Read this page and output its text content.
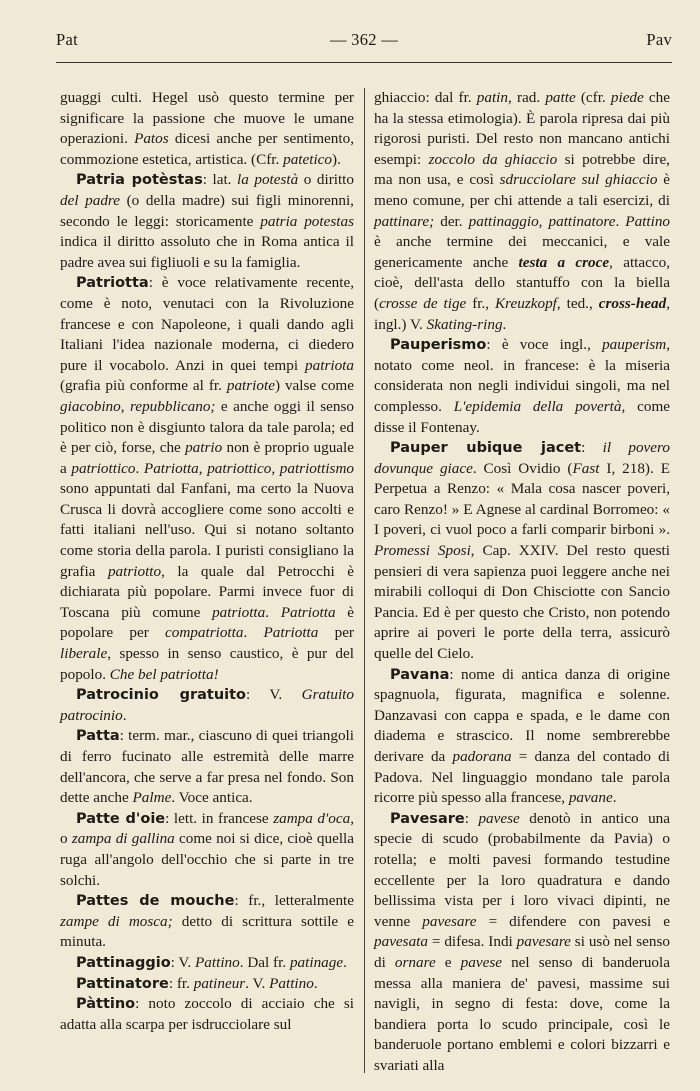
Pat	— 362 —	Pav

guaggi culti. Hegel usò questo termine per significare la passione che muove le umane operazioni. Patos dicesi anche per sentimento, commozione estetica, artistica. (Cfr. patetico).

Patria potèstas: lat. la potestà o diritto del padre (o della madre) sui figli minorenni, secondo le leggi: storicamente patria potestas indica il diritto assoluto che in Roma antica il padre avea sui figliuoli e su la famiglia.

Patriotta: è voce relativamente recente, come è noto, venutaci con la Rivoluzione francese e con Napoleone, i quali dando agli Italiani l'idea nazionale moderna, ci diedero pure il vocabolo. Anzi in quei tempi patriota (grafia più conforme al fr. patriote) valse come giacobino, repubblicano; e anche oggi il senso politico non è disgiunto talora da tale parola; ed è per ciò, forse, che patrio non è proprio uguale a patriottico. Patriotta, patriottico, patriottismo sono appuntati dal Fanfani, ma certo la Nuova Crusca li dovrà accogliere come sono accolti e fatti italiani nell'uso. Qui si notano soltanto come storia della parola. I puristi consigliano la grafia patriotto, la quale dal Petrocchi è dichiarata più popolare. Parmi invece fuor di Toscana più comune patriotta. Patriotta è popolare per compatriotta. Patriotta per liberale, spesso in senso caustico, è pur del popolo. Che bel patriotta!

Patrocinio gratuito: V. Gratuito patrocinio.

Patta: term. mar., ciascuno di quei triangoli di ferro fucinato alle estremità delle marre dell'ancora, che serve a far presa nel fondo. Son dette anche Palme. Voce antica.

Patte d'oie: lett. in francese zampa d'oca, o zampa di gallina come noi si dice, cioè quella ruga all'angolo dell'occhio che si parte in tre solchi.

Pattes de mouche: fr., letteralmente zampe di mosca; detto di scrittura sottile e minuta.

Pattinaggio: V. Pattino. Dal fr. patinage.

Pattinatore: fr. patineur. V. Pattino.

Pàttino: noto zoccolo di acciaio che si adatta alla scarpa per isdrucciolare sul

ghiaccio: dal fr. patin, rad. patte (cfr. piede che ha la stessa etimologia). È parola ripresa dai più rigorosi puristi. Del resto non mancano antichi esempi: zoccolo da ghiaccio si potrebbe dire, ma non usa, e così sdrucciolare sul ghiaccio è meno comune, per chi attende a tali esercizi, di pattinare; der. pattinaggio, pattinatore. Pattino è anche termine dei meccanici, e vale genericamente anche testa a croce, attacco, cioè, dell'asta dello stantuffo con la biella (crosse de tige fr., Kreuzkopf, ted., cross-head, ingl.) V. Skating-ring.

Pauperismo: è voce ingl., pauperism, notato come neol. in francese: è la miseria considerata non negli individui singoli, ma nel complesso. L'epidemia della povertà, come disse il Fontenay.

Pauper ubique jacet: il povero dovunque giace. Così Ovidio (Fast I, 218). E Perpetua a Renzo: « Mala cosa nascer poveri, caro Renzo! » E Agnese al cardinal Borromeo: « I poveri, ci vuol poco a farli comparir birboni ». Promessi Sposi, Cap. XXIV. Del resto questi pensieri di vera sapienza puoi leggere anche nei mirabili colloqui di Don Chisciotte con Sancio Pancia. Ed è per questo che Cristo, non potendo aprire ai poveri le porte della terra, assicurò quelle del Cielo.

Pavana: nome di antica danza di origine spagnuola, figurata, magnifica e solenne. Danzavasi con cappa e spada, e le dame con diadema e strascico. Il nome sembrerebbe derivare da padorana = danza del contado di Padova. Nel linguaggio mondano tale parola ricorre più spesso alla francese, pavane.

Pavesare: pavese denotò in antico una specie di scudo (probabilmente da Pavia) o rotella; e molti pavesi formando testudine eccellente per la loro quadratura e dando bellissima vista per i loro vivaci dipinti, ne venne pavesare = difendere con pavesi e pavesata = difesa. Indi pavesare si usò nel senso di ornare e pavese nel senso di banderuola messa alla maniera de' pavesi, massime sui navigli, in segno di festa: dove, come la bandiera porta lo scudo principale, così le banderuole portano emblemi e colori bizzarri e svariati alla
